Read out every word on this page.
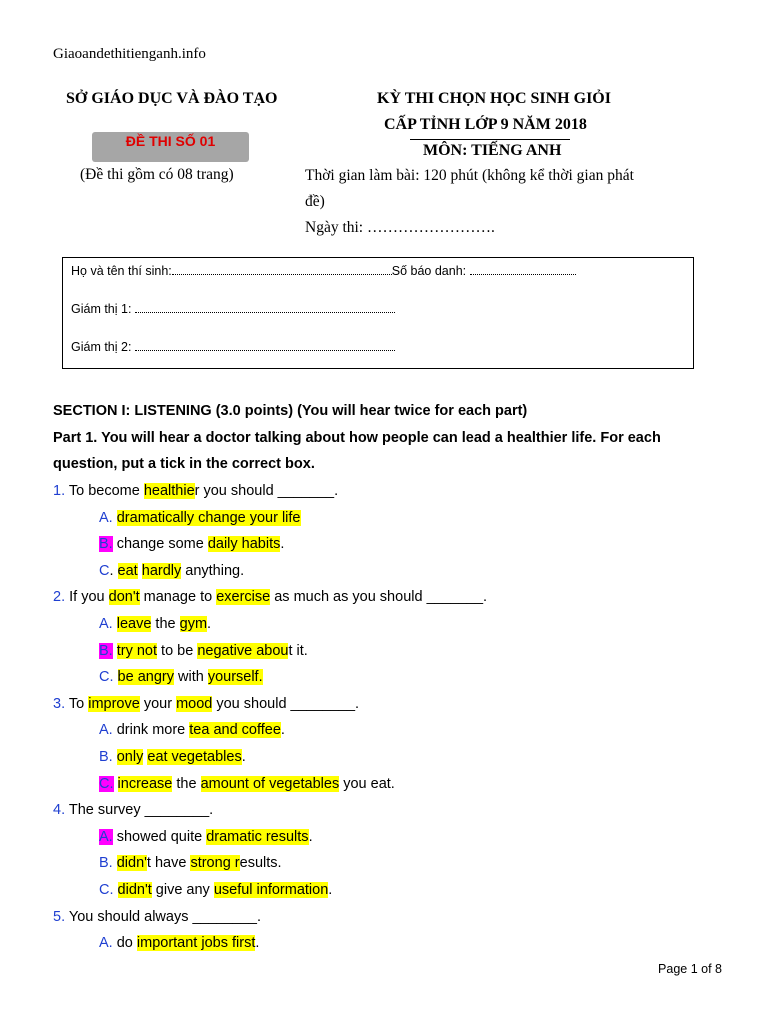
Giaoandethitienganh.info
SỞ GIÁO DỤC VÀ ĐÀO TẠO
ĐỀ THI SỐ 01
(Đề thi gồm có 08 trang)
KỲ THI CHỌN HỌC SINH GIỎI
CẤP TỈNH LỚP 9 NĂM 2018
MÔN: TIẾNG ANH
Thời gian làm bài: 120 phút (không kể thời gian phát
đề)
Ngày thi: …………………….
Họ và tên thí sinh:	Số báo danh:
Giám thị 1:
Giám thị 2:
SECTION I: LISTENING (3.0 points) (You will hear twice for each part)
Part 1. You will hear a doctor talking about how people can lead a healthier life. For each
question, put a tick in the correct box.
1. To become healthier you should _______.
A. dramatically change your life
B. change some daily habits.
C. eat hardly anything.
2. If you don't manage to exercise as much as you should _______.
A. leave the gym.
B. try not to be negative about it.
C. be angry with yourself.
3. To improve your mood you should ________.
A. drink more tea and coffee.
B. only eat vegetables.
C. increase the amount of vegetables you eat.
4. The survey ________.
A. showed quite dramatic results.
B. didn't have strong results.
C. didn't give any useful information.
5. You should always ________.
A. do important jobs first.
Page 1 of 8
